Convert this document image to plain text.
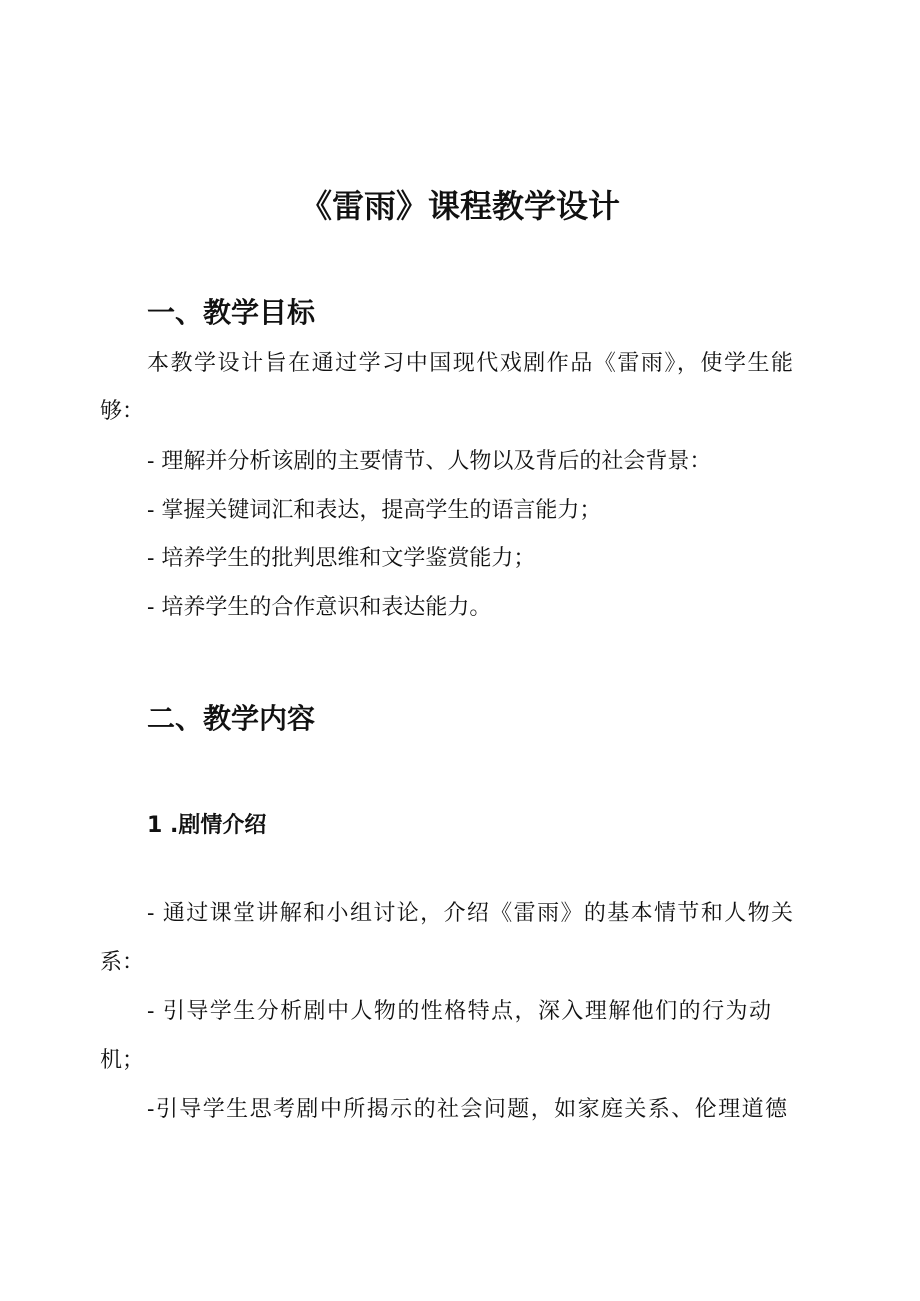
《雷雨》课程教学设计
一、教学目标
本教学设计旨在通过学习中国现代戏剧作品《雷雨》，使学生能
够：
- 理解并分析该剧的主要情节、人物以及背后的社会背景：
- 掌握关键词汇和表达，提高学生的语言能力；
- 培养学生的批判思维和文学鉴赏能力；
- 培养学生的合作意识和表达能力。
二、教学内容
1 .剧情介绍
- 通过课堂讲解和小组讨论，介绍《雷雨》的基本情节和人物关
系：
- 引导学生分析剧中人物的性格特点，深入理解他们的行为动
机；
-引导学生思考剧中所揭示的社会问题，如家庭关系、伦理道德
